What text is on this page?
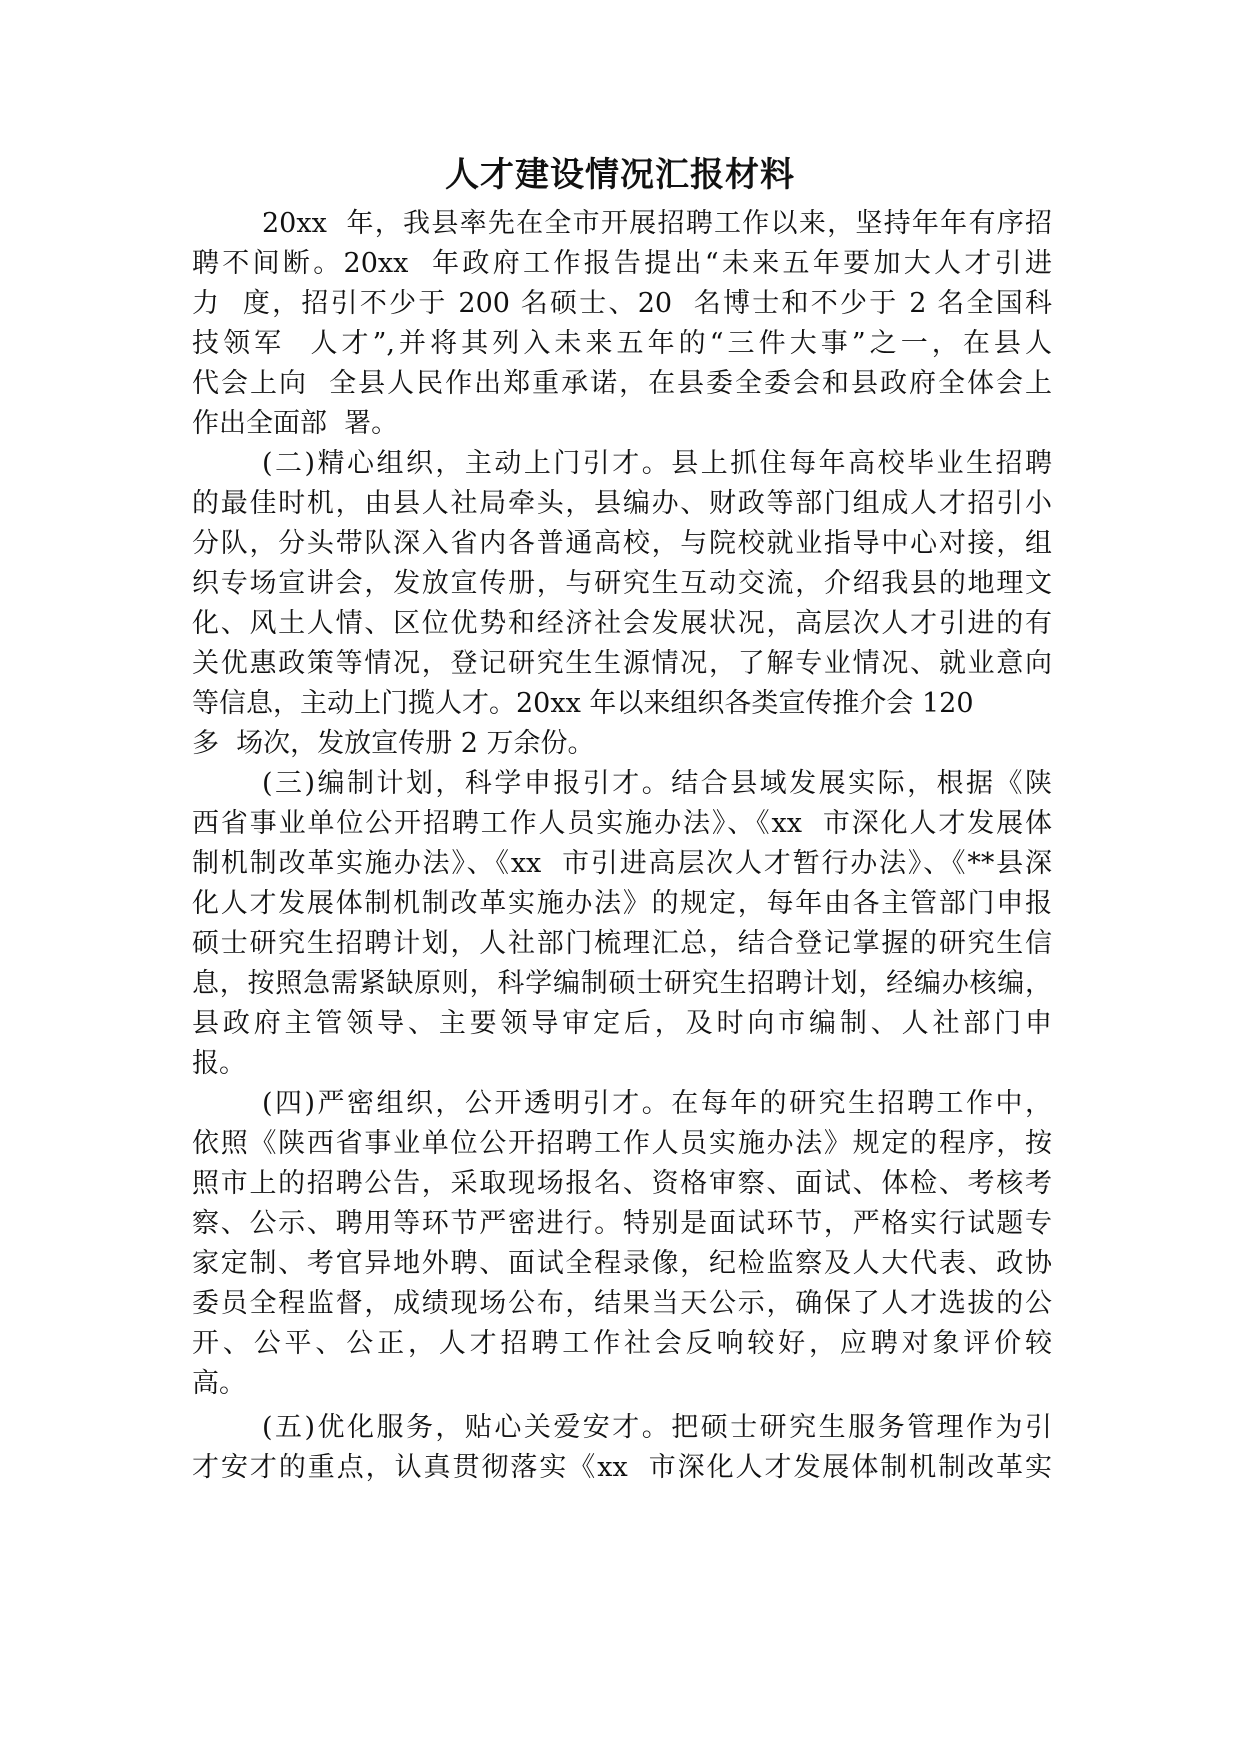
人才建设情况汇报材料
20xx  年，我县率先在全市开展招聘工作以来，坚持年年有序招
聘不间断。20xx  年政府工作报告提出“未来五年要加大人才引进
力  度，招引不少于 200 名硕士、20  名博士和不少于 2 名全国科
技领军  人才”,并将其列入未来五年的“三件大事”之一，在县人
代会上向  全县人民作出郑重承诺，在县委全委会和县政府全体会上
作出全面部  署。
(二)精心组织，主动上门引才。县上抓住每年高校毕业生招聘
的最佳时机，由县人社局牵头，县编办、财政等部门组成人才招引小
分队，分头带队深入省内各普通高校，与院校就业指导中心对接，组
织专场宣讲会，发放宣传册，与研究生互动交流，介绍我县的地理文
化、风土人情、区位优势和经济社会发展状况，高层次人才引进的有
关优惠政策等情况，登记研究生生源情况，了解专业情况、就业意向
等信息，主动上门揽人才。20xx 年以来组织各类宣传推介会 120
多  场次，发放宣传册 2 万余份。
(三)编制计划，科学申报引才。结合县域发展实际，根据《陕
西省事业单位公开招聘工作人员实施办法》、《xx  市深化人才发展体
制机制改革实施办法》、《xx  市引进高层次人才暂行办法》、《**县深
化人才发展体制机制改革实施办法》的规定，每年由各主管部门申报
硕士研究生招聘计划，人社部门梳理汇总，结合登记掌握的研究生信
息，按照急需紧缺原则，科学编制硕士研究生招聘计划，经编办核编，
县政府主管领导、主要领导审定后，及时向市编制、人社部门申
报。
(四)严密组织，公开透明引才。在每年的研究生招聘工作中，
依照《陕西省事业单位公开招聘工作人员实施办法》规定的程序，按
照市上的招聘公告，采取现场报名、资格审察、面试、体检、考核考
察、公示、聘用等环节严密进行。特别是面试环节，严格实行试题专
家定制、考官异地外聘、面试全程录像，纪检监察及人大代表、政协
委员全程监督，成绩现场公布，结果当天公示，确保了人才选拔的公
开、公平、公正，人才招聘工作社会反响较好，应聘对象评价较
高。
(五)优化服务，贴心关爱安才。把硕士研究生服务管理作为引
才安才的重点，认真贯彻落实《xx  市深化人才发展体制机制改革实
